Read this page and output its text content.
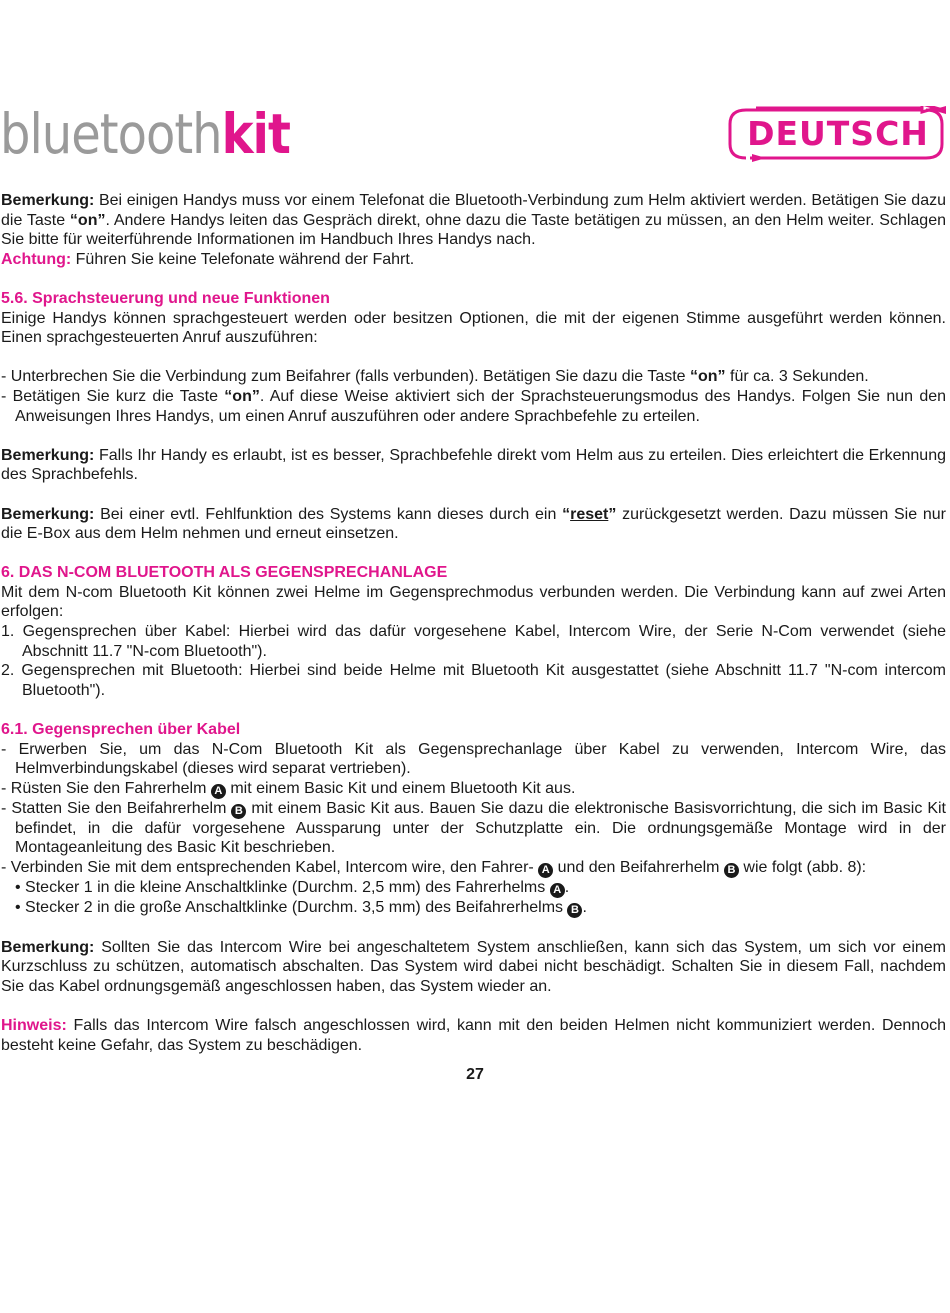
bluetoothkit	DEUTSCH

Bemerkung: Bei einigen Handys muss vor einem Telefonat die Bluetooth-Verbindung zum Helm aktiviert werden. Betätigen Sie dazu die Taste “on”. Andere Handys leiten das Gespräch direkt, ohne dazu die Taste betätigen zu müssen, an den Helm weiter. Schlagen Sie bitte für weiterführende Informationen im Handbuch Ihres Handys nach.

Achtung: Führen Sie keine Telefonate während der Fahrt.

5.6. Sprachsteuerung und neue Funktionen

Einige Handys können sprachgesteuert werden oder besitzen Optionen, die mit der eigenen Stimme ausgeführt werden können. Einen sprachgesteuerten Anruf auszuführen:

- Unterbrechen Sie die Verbindung zum Beifahrer (falls verbunden). Betätigen Sie dazu die Taste “on” für ca. 3 Sekunden.

- Betätigen Sie kurz die Taste “on”. Auf diese Weise aktiviert sich der Sprachsteuerungsmodus des Handys. Folgen Sie nun den Anweisungen Ihres Handys, um einen Anruf auszuführen oder andere Sprachbefehle zu erteilen.

Bemerkung: Falls Ihr Handy es erlaubt, ist es besser, Sprachbefehle direkt vom Helm aus zu erteilen. Dies erleichtert die Erkennung des Sprachbefehls.

Bemerkung: Bei einer evtl. Fehlfunktion des Systems kann dieses durch ein “reset” zurückgesetzt werden. Dazu müssen Sie nur die E-Box aus dem Helm nehmen und erneut einsetzen.

6. DAS N-COM BLUETOOTH ALS GEGENSPRECHANLAGE

Mit dem N-com Bluetooth Kit können zwei Helme im Gegensprechmodus verbunden werden. Die Verbindung kann auf zwei Arten erfolgen:

1. Gegensprechen über Kabel: Hierbei wird das dafür vorgesehene Kabel, Intercom Wire, der Serie N-Com verwendet (siehe Abschnitt 11.7 "N-com Bluetooth").

2. Gegensprechen mit Bluetooth: Hierbei sind beide Helme mit Bluetooth Kit ausgestattet (siehe Abschnitt 11.7 "N-com intercom Bluetooth").

6.1. Gegensprechen über Kabel

- Erwerben Sie, um das N-Com Bluetooth Kit als Gegensprechanlage über Kabel zu verwenden, Intercom Wire, das Helmverbindungskabel (dieses wird separat vertrieben).

- Rüsten Sie den Fahrerhelm A mit einem Basic Kit und einem Bluetooth Kit aus.

- Statten Sie den Beifahrerhelm B mit einem Basic Kit aus. Bauen Sie dazu die elektronische Basisvorrichtung, die sich im Basic Kit befindet, in die dafür vorgesehene Aussparung unter der Schutzplatte ein. Die ordnungsgemäße Montage wird in der Montageanleitung des Basic Kit beschrieben.

- Verbinden Sie mit dem entsprechenden Kabel, Intercom wire, den Fahrer- A und den Beifahrerhelm B wie folgt (abb. 8):

• Stecker 1 in die kleine Anschaltklinke (Durchm. 2,5 mm) des Fahrerhelms A .

• Stecker 2 in die große Anschaltklinke (Durchm. 3,5 mm) des Beifahrerhelms B .

Bemerkung: Sollten Sie das Intercom Wire bei angeschaltetem System anschließen, kann sich das System, um sich vor einem Kurzschluss zu schützen, automatisch abschalten. Das System wird dabei nicht beschädigt. Schalten Sie in diesem Fall, nachdem Sie das Kabel ordnungsgemäß angeschlossen haben, das System wieder an.

Hinweis: Falls das Intercom Wire falsch angeschlossen wird, kann mit den beiden Helmen nicht kommuniziert werden. Dennoch besteht keine Gefahr, das System zu beschädigen.

27
